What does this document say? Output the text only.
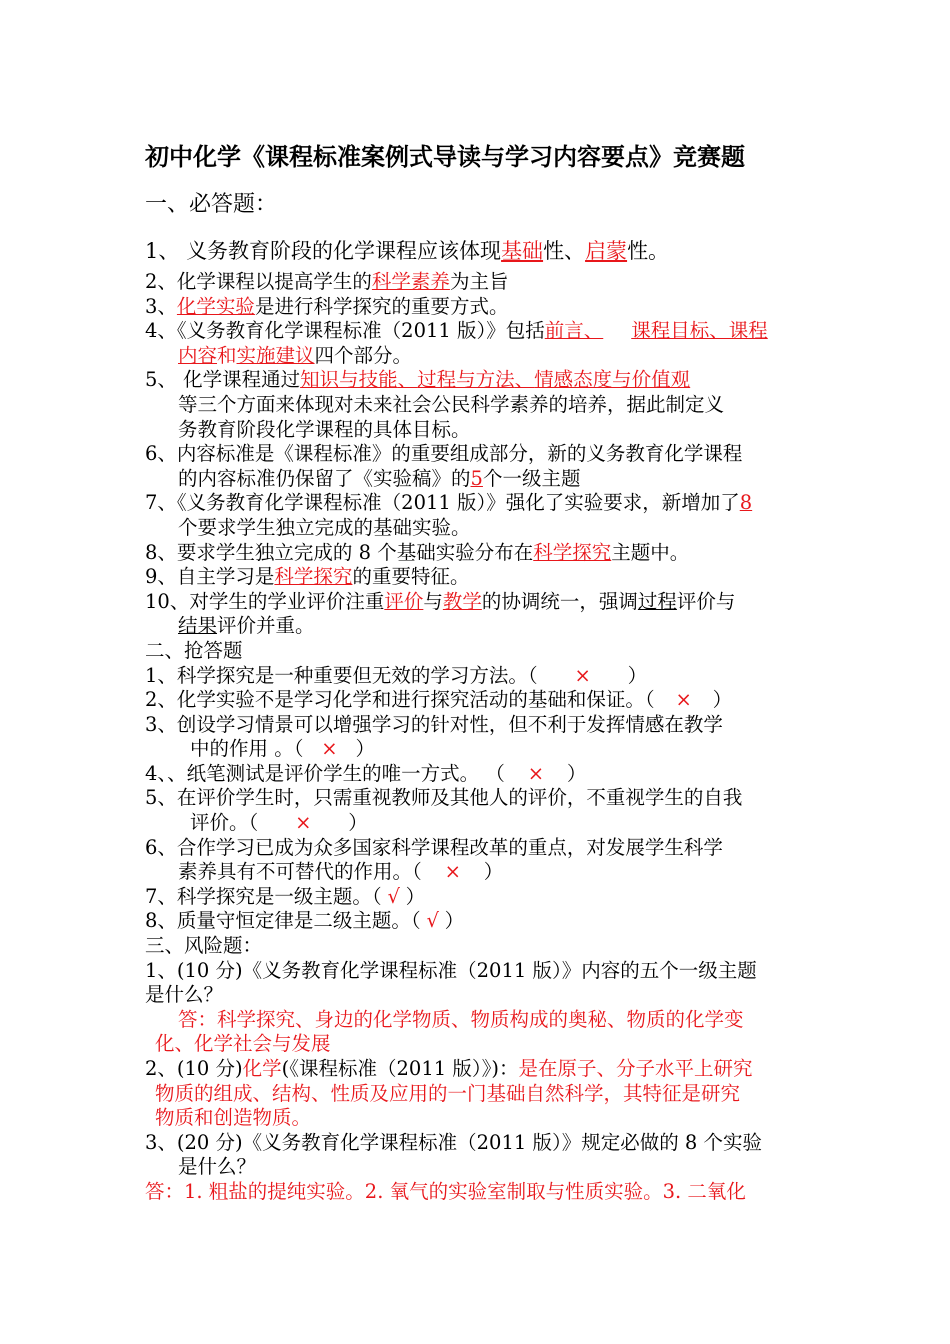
初中化学《课程标准案例式导读与学习内容要点》竞赛题
一、必答题：
1、 义务教育阶段的化学课程应该体现基础性、启蒙性。
2、化学课程以提高学生的科学素养为主旨
3、化学实验是进行科学探究的重要方式。
4、《义务教育化学课程标准（2011 版）》包括前言、 课程目标、课程
内容和实施建议四个部分。
5、 化学课程通过知识与技能、过程与方法、情感态度与价值观
等三个方面来体现对未来社会公民科学素养的培养，据此制定义
务教育阶段化学课程的具体目标。
6、内容标准是《课程标准》的重要组成部分，新的义务教育化学课程
的内容标准仍保留了《实验稿》的5个一级主题
7、《义务教育化学课程标准（2011 版）》强化了实验要求，新增加了8
个要求学生独立完成的基础实验。
8、要求学生独立完成的 8 个基础实验分布在科学探究主题中。
9、自主学习是科学探究的重要特征。
10、对学生的学业评价注重评价与教学的协调统一，强调过程评价与
结果评价并重。
二、抢答题
1、科学探究是一种重要但无效的学习方法。（ × ）
2、化学实验不是学习化学和进行探究活动的基础和保证。（ × ）
3、创设学习情景可以增强学习的针对性，但不利于发挥情感在教学
中的作用 。（ × ）
4、、纸笔测试是评价学生的唯一方式。 （ × ）
5、在评价学生时，只需重视教师及其他人的评价，不重视学生的自我
评价。（ × ）
6、合作学习已成为众多国家科学课程改革的重点，对发展学生科学
素养具有不可替代的作用。（ × ）
7、科学探究是一级主题。（ √ ）
8、质量守恒定律是二级主题。（ √ ）
三、风险题：
1、(10 分)《义务教育化学课程标准（2011 版）》内容的五个一级主题
是什么？
答：科学探究、身边的化学物质、物质构成的奥秘、物质的化学变
化、化学社会与发展
2、(10 分)化学(《课程标准（2011 版）》)：是在原子、分子水平上研究
物质的组成、结构、性质及应用的一门基础自然科学，其特征是研究
物质和创造物质。
3、(20 分)《义务教育化学课程标准（2011 版）》规定必做的 8 个实验
是什么？
答：1. 粗盐的提纯实验。2. 氧气的实验室制取与性质实验。3. 二氧化
